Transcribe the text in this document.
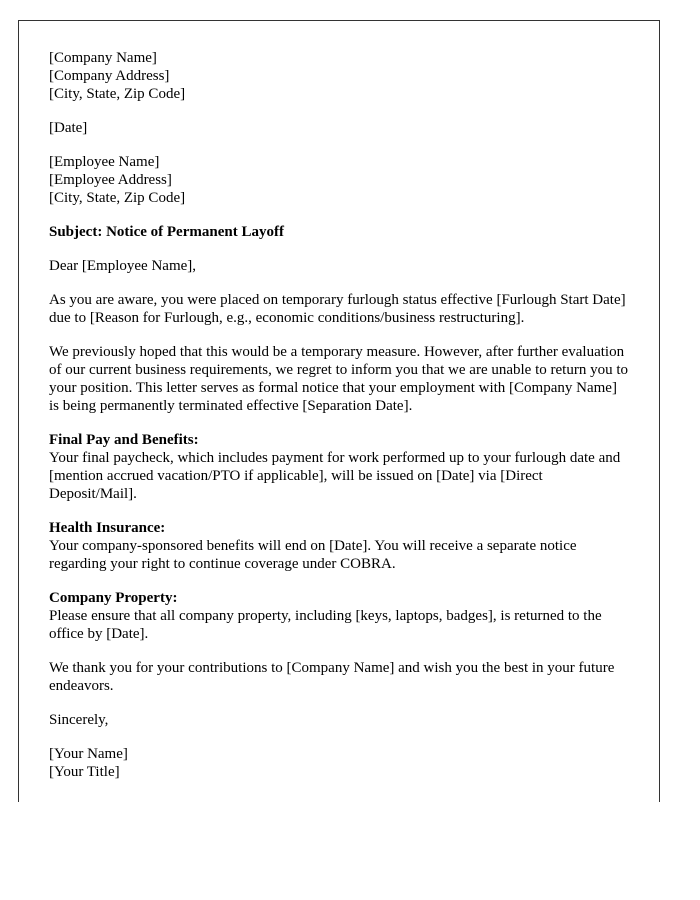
[Company Name]
[Company Address]
[City, State, Zip Code]
[Date]
[Employee Name]
[Employee Address]
[City, State, Zip Code]

Subject: Notice of Permanent Layoff

Dear [Employee Name],

As you are aware, you were placed on temporary furlough status effective [Furlough Start Date] due to [Reason for Furlough, e.g., economic conditions/business restructuring].

We previously hoped that this would be a temporary measure. However, after further evaluation of our current business requirements, we regret to inform you that we are unable to return you to your position. This letter serves as formal notice that your employment with [Company Name] is being permanently terminated effective [Separation Date].

Final Pay and Benefits:
Your final paycheck, which includes payment for work performed up to your furlough date and [mention accrued vacation/PTO if applicable], will be issued on [Date] via [Direct Deposit/Mail].
Health Insurance:
Your company-sponsored benefits will end on [Date]. You will receive a separate notice regarding your right to continue coverage under COBRA.
Company Property:
Please ensure that all company property, including [keys, laptops, badges], is returned to the office by [Date].

We thank you for your contributions to [Company Name] and wish you the best in your future endeavors.

Sincerely,

[Your Name]
[Your Title]
